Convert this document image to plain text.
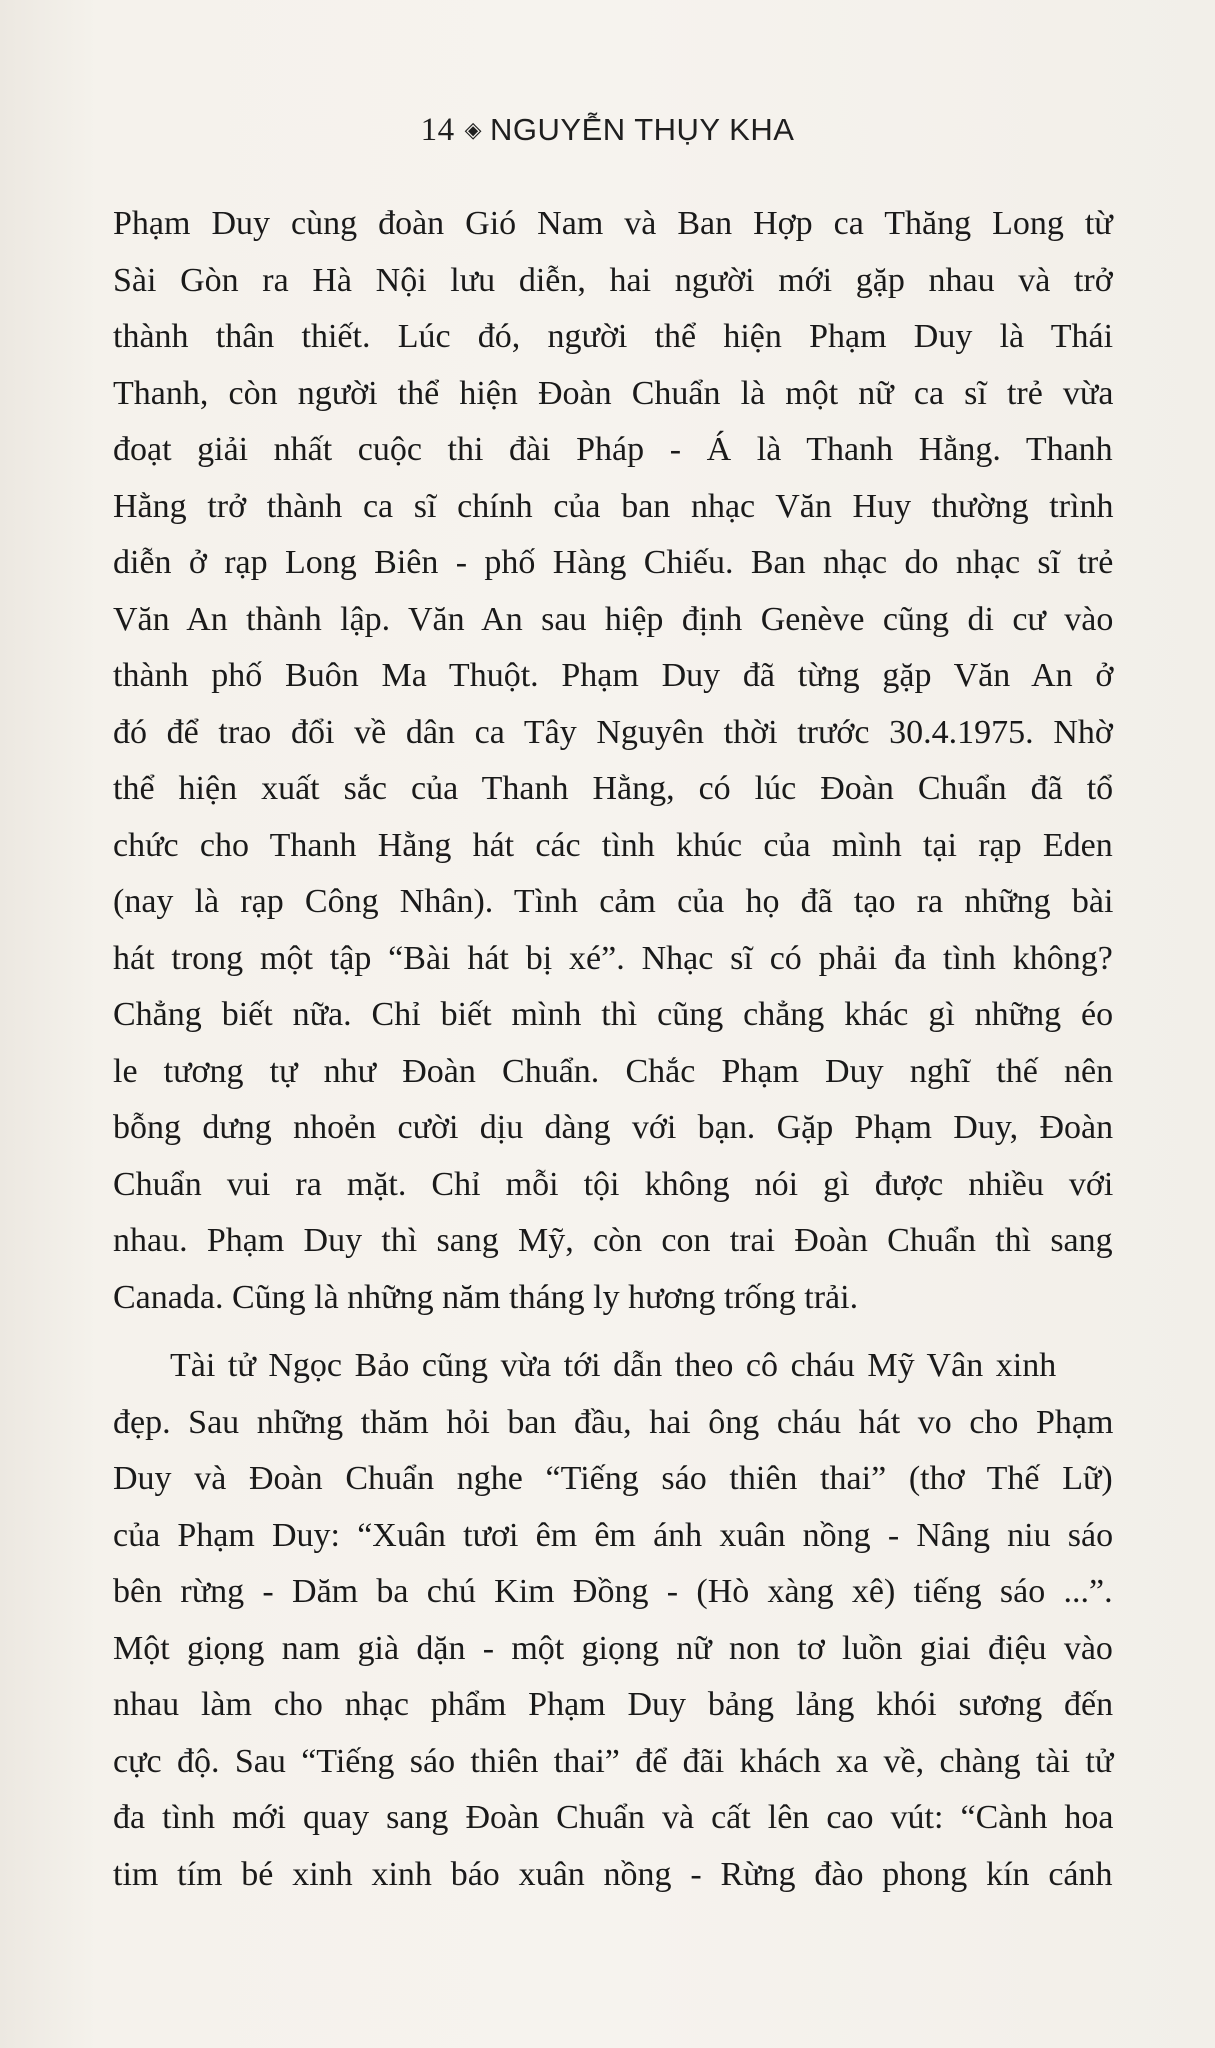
14 ◈ NGUYỄN THỤY KHA

Phạm Duy cùng đoàn Gió Nam và Ban Hợp ca Thăng Long từ
Sài Gòn ra Hà Nội lưu diễn, hai người mới gặp nhau và trở
thành thân thiết. Lúc đó, người thể hiện Phạm Duy là Thái
Thanh, còn người thể hiện Đoàn Chuẩn là một nữ ca sĩ trẻ vừa
đoạt giải nhất cuộc thi đài Pháp - Á là Thanh Hằng. Thanh
Hằng trở thành ca sĩ chính của ban nhạc Văn Huy thường trình
diễn ở rạp Long Biên - phố Hàng Chiếu. Ban nhạc do nhạc sĩ trẻ
Văn An thành lập. Văn An sau hiệp định Genève cũng di cư vào
thành phố Buôn Ma Thuột. Phạm Duy đã từng gặp Văn An ở
đó để trao đổi về dân ca Tây Nguyên thời trước 30.4.1975. Nhờ
thể hiện xuất sắc của Thanh Hằng, có lúc Đoàn Chuẩn đã tổ
chức cho Thanh Hằng hát các tình khúc của mình tại rạp Eden
(nay là rạp Công Nhân). Tình cảm của họ đã tạo ra những bài
hát trong một tập “Bài hát bị xé”. Nhạc sĩ có phải đa tình không?
Chẳng biết nữa. Chỉ biết mình thì cũng chẳng khác gì những éo
le tương tự như Đoàn Chuẩn. Chắc Phạm Duy nghĩ thế nên
bỗng dưng nhoẻn cười dịu dàng với bạn. Gặp Phạm Duy, Đoàn
Chuẩn vui ra mặt. Chỉ mỗi tội không nói gì được nhiều với
nhau. Phạm Duy thì sang Mỹ, còn con trai Đoàn Chuẩn thì sang
Canada. Cũng là những năm tháng ly hương trống trải.

Tài tử Ngọc Bảo cũng vừa tới dẫn theo cô cháu Mỹ Vân xinh
đẹp. Sau những thăm hỏi ban đầu, hai ông cháu hát vo cho Phạm
Duy và Đoàn Chuẩn nghe “Tiếng sáo thiên thai” (thơ Thế Lữ)
của Phạm Duy: “Xuân tươi êm êm ánh xuân nồng - Nâng niu sáo
bên rừng - Dăm ba chú Kim Đồng - (Hò xàng xê) tiếng sáo ...”.
Một giọng nam già dặn - một giọng nữ non tơ luồn giai điệu vào
nhau làm cho nhạc phẩm Phạm Duy bảng lảng khói sương đến
cực độ. Sau “Tiếng sáo thiên thai” để đãi khách xa về, chàng tài tử
đa tình mới quay sang Đoàn Chuẩn và cất lên cao vút: “Cành hoa
tim tím bé xinh xinh báo xuân nồng - Rừng đào phong kín cánh
